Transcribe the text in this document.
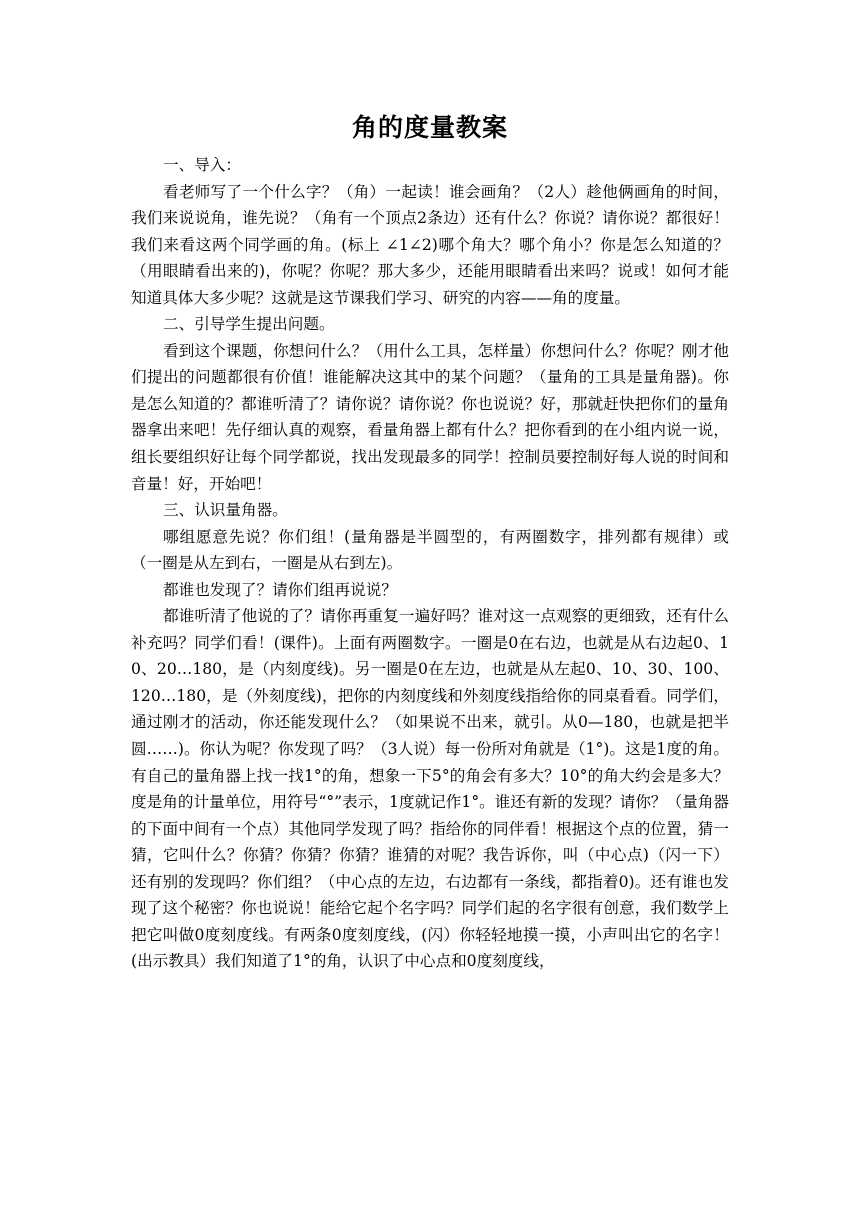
角的度量教案

一、导入：

看老师写了一个什么字？（角）一起读！谁会画角？（2人）趁他俩画角的时间，我们来说说角，谁先说？（角有一个顶点2条边）还有什么？你说？请你说？都很好！我们来看这两个同学画的角。(标上 ∠1∠2)哪个角大？哪个角小？你是怎么知道的？（用眼睛看出来的)，你呢？你呢？那大多少，还能用眼睛看出来吗？说或！如何才能知道具体大多少呢？这就是这节课我们学习、研究的内容——角的度量。

二、引导学生提出问题。

看到这个课题，你想问什么？（用什么工具，怎样量）你想问什么？你呢？刚才他们提出的问题都很有价值！谁能解决这其中的某个问题？（量角的工具是量角器)。你是怎么知道的？都谁听清了？请你说？请你说？你也说说？好，那就赶快把你们的量角器拿出来吧！先仔细认真的观察，看量角器上都有什么？把你看到的在小组内说一说，组长要组织好让每个同学都说，找出发现最多的同学！控制员要控制好每人说的时间和音量！好，开始吧！

三、认识量角器。

哪组愿意先说？你们组！(量角器是半圆型的，有两圈数字，排列都有规律）或（一圈是从左到右，一圈是从右到左)。

都谁也发现了？请你们组再说说？

都谁听清了他说的了？请你再重复一遍好吗？谁对这一点观察的更细致，还有什么补充吗？同学们看！(课件)。上面有两圈数字。一圈是0在右边，也就是从右边起0、10、20…180，是（内刻度线)。另一圈是0在左边，也就是从左起0、10、30、100、120…180，是（外刻度线)，把你的内刻度线和外刻度线指给你的同桌看看。同学们，通过刚才的活动，你还能发现什么？（如果说不出来，就引。从0—180，也就是把半圆……)。你认为呢？你发现了吗？（3人说）每一份所对角就是（1°)。这是1度的角。有自己的量角器上找一找1°的角，想象一下5°的角会有多大？10°的角大约会是多大？度是角的计量单位，用符号“°”表示，1度就记作1°。谁还有新的发现？请你？（量角器的下面中间有一个点）其他同学发现了吗？指给你的同伴看！根据这个点的位置，猜一猜，它叫什么？你猜？你猜？你猜？谁猜的对呢？我告诉你，叫（中心点)（闪一下）还有别的发现吗？你们组？（中心点的左边，右边都有一条线，都指着0)。还有谁也发现了这个秘密？你也说说！能给它起个名字吗？同学们起的名字很有创意，我们数学上把它叫做0度刻度线。有两条0度刻度线，(闪）你轻轻地摸一摸，小声叫出它的名字！(出示教具）我们知道了1°的角，认识了中心点和0度刻度线，
